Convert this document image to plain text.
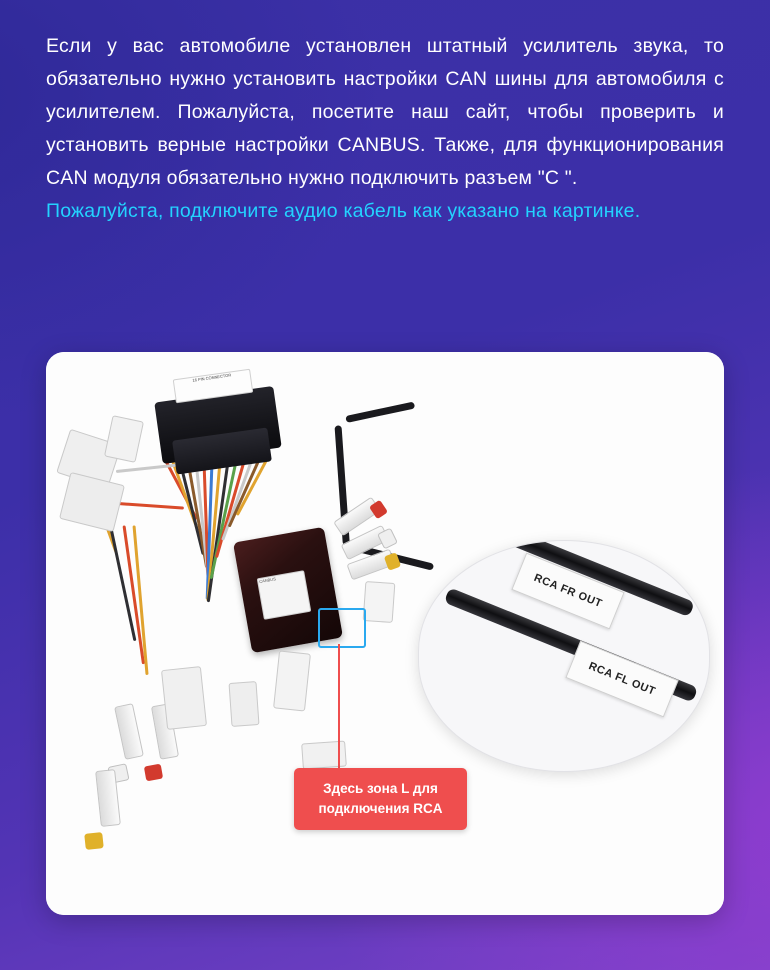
Если у вас автомобиле установлен штатный усилитель звука, то обязательно нужно установить настройки CAN шины для автомобиля с усилителем. Пожалуйста, посетите наш сайт, чтобы проверить и установить верные настройки CANBUS. Также, для функционирования CAN модуля обязательно нужно подключить разъем "C ".

Пожалуйста, подключите аудио кабель как указано на картинке.

16 PIN CONNECTOR
CANBUS	RCA FR OUT
RCA FL OUT
Здесь зона L для подключения RCA
